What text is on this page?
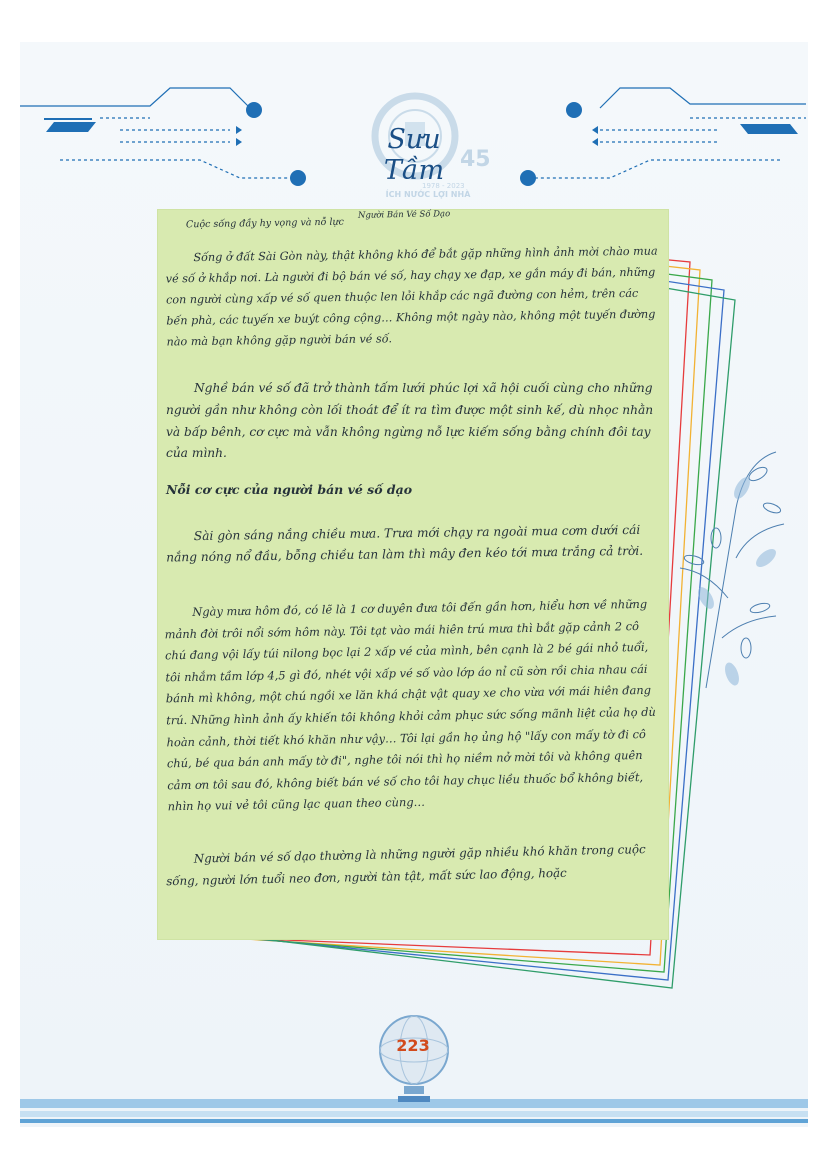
45
1978 - 2023
Sưu Tầm
ÍCH NƯỚC LỢI NHÀ
Người Bán Vé Số Dạo
Cuộc sống đầy hy vọng và nỗ lực
Sống ở đất Sài Gòn này, thật không khó để bắt gặp những hình ảnh mời chào mua vé số ở khắp nơi. Là người đi bộ bán vé số, hay chạy xe đạp, xe gắn máy đi bán, những con người cùng xấp vé số quen thuộc len lỏi khắp các ngã đường con hẻm, trên các bến phà, các tuyến xe buýt công cộng… Không một ngày nào, không một tuyến đường nào mà bạn không gặp người bán vé số.
Nghề bán vé số đã trở thành tấm lưới phúc lợi xã hội cuối cùng cho những người gần như không còn lối thoát để ít ra tìm được một sinh kế, dù nhọc nhằn và bấp bênh, cơ cực mà vẫn không ngừng nỗ lực kiếm sống bằng chính đôi tay của mình.
Nỗi cơ cực của người bán vé số dạo
Sài gòn sáng nắng chiều mưa. Trưa mới chạy ra ngoài mua cơm dưới cái nắng nóng nổ đầu, bỗng chiều tan làm thì mây đen kéo tới mưa trắng cả trời.
Ngày mưa hôm đó, có lẽ là 1 cơ duyên đưa tôi đến gần hơn, hiểu hơn về những mảnh đời trôi nổi sớm hôm này. Tôi tạt vào mái hiên trú mưa thì bắt gặp cảnh 2 cô chú đang vội lấy túi nilong bọc lại 2 xấp vé của mình, bên cạnh là 2 bé gái nhỏ tuổi, tôi nhắm tầm lớp 4,5 gì đó, nhét vội xấp vé số vào lớp áo nỉ cũ sờn rồi chia nhau cái bánh mì không, một chú ngồi xe lăn khá chật vật quay xe cho vừa với mái hiên đang trú. Những hình ảnh ấy khiến tôi không khỏi cảm phục sức sống mãnh liệt của họ dù hoàn cảnh, thời tiết khó khăn như vậy… Tôi lại gần họ ủng hộ "lấy con mấy tờ đi cô chú, bé qua bán anh mấy tờ đi", nghe tôi nói thì họ niềm nở mời tôi và không quên cảm ơn tôi sau đó, không biết bán vé số cho tôi hay chục liều thuốc bổ không biết, nhìn họ vui vẻ tôi cũng lạc quan theo cùng…
Người bán vé số dạo thường là những người gặp nhiều khó khăn trong cuộc sống, người lớn tuổi neo đơn, người tàn tật, mất sức lao động, hoặc
223
